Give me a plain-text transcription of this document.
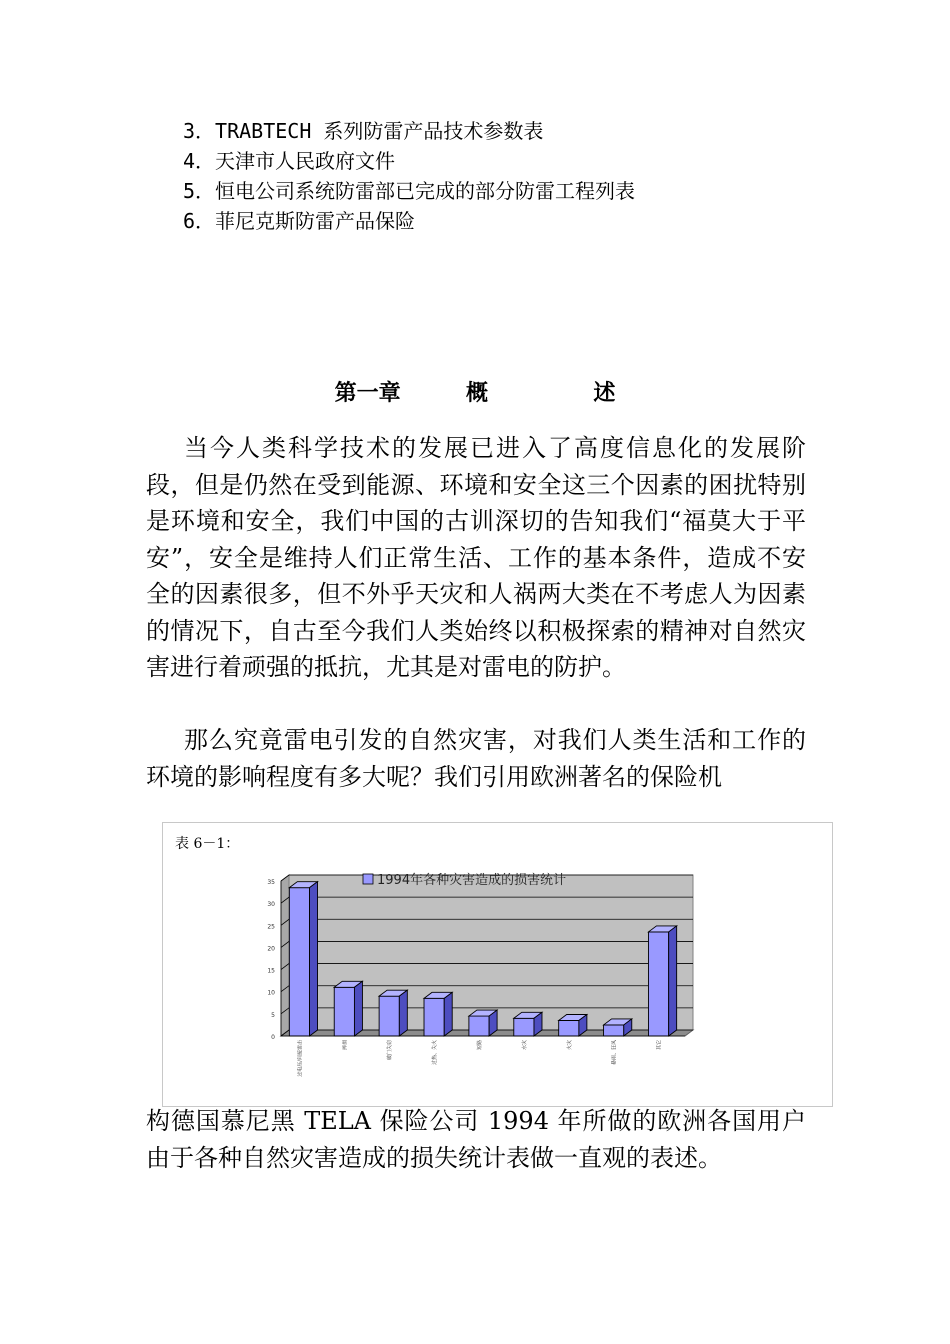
3．TRABTECH 系列防雷产品技术参数表
4．天津市人民政府文件
5．恒电公司系统防雷部已完成的部分防雷工程列表
6．菲尼克斯防雷产品保险
第一章	概	述

当今人类科学技术的发展已进入了高度信息化的发展阶段，但是仍然在受到能源、环境和安全这三个因素的困扰特别是环境和安全，我们中国的古训深切的告知我们“福莫大于平安”，安全是维持人们正常生活、工作的基本条件，造成不安全的因素很多，但不外乎天灾和人祸两大类在不考虑人为因素的情况下，自古至今我们人类始终以积极探索的精神对自然灾害进行着顽强的抵抗，尤其是对雷电的防护。

那么究竟雷电引发的自然灾害，对我们人类生活和工作的环境的影响程度有多大呢？我们引用欧洲著名的保险机

表 6－1：
0
5
10
15
20
25
30
35
过电压/间接雷击	摔损	破门失窃	过热、失火	短路	水灾	火灾	暴雨、狂风	其它
1994年各种灾害造成的损害统计

构德国慕尼黑 TELA 保险公司 1994 年所做的欧洲各国用户由于各种自然灾害造成的损失统计表做一直观的表述。
